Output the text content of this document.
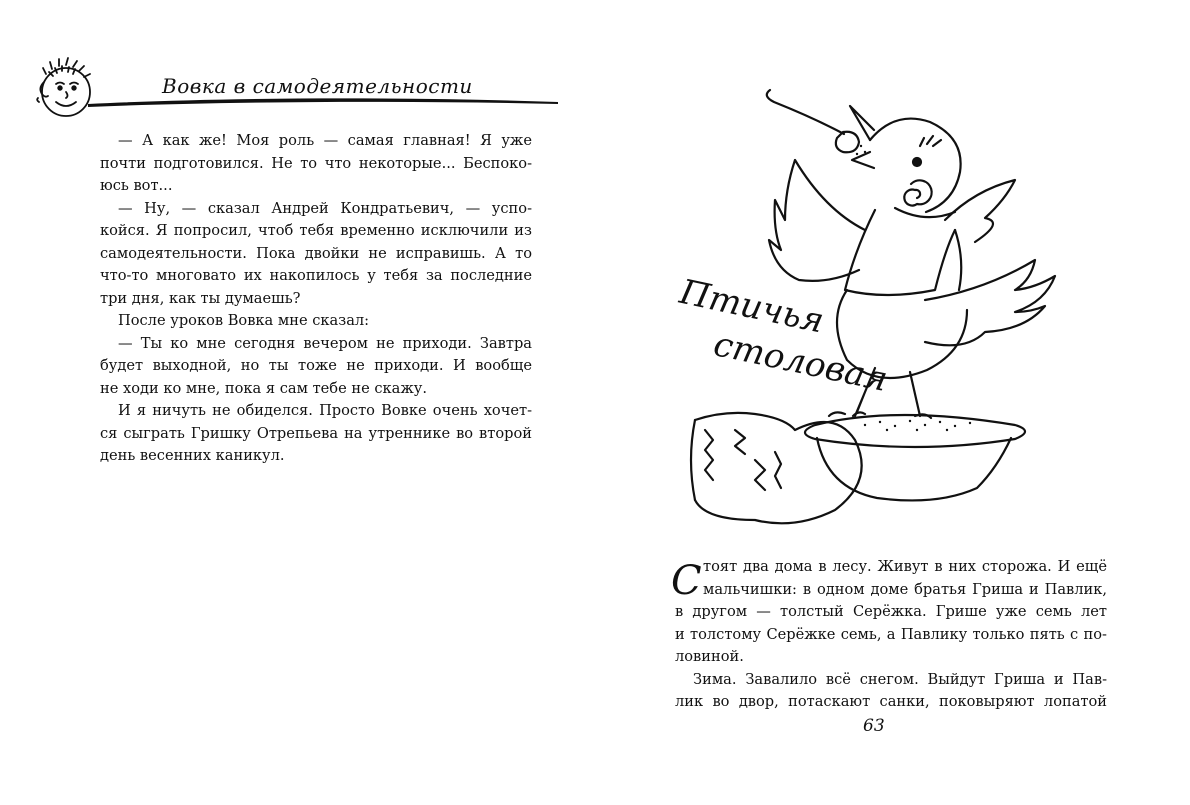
Вовка в самодеятельности
— А как же! Моя роль — самая главная! Я уже
почти подготовился. Не то что некоторые... Беспоко-
юсь вот...
— Ну, — сказал Андрей Кондратьевич, — успо-
койся. Я попросил, чтоб тебя временно исключили из
самодеятельности. Пока двойки не исправишь. А то
что-то многовато их накопилось у тебя за последние
три дня, как ты думаешь?
После уроков Вовка мне сказал:
— Ты ко мне сегодня вечером не приходи. Завтра
будет выходной, но ты тоже не приходи. И вообще
не ходи ко мне, пока я сам тебе не скажу.
И я ничуть не обиделся. Просто Вовке очень хочет-
ся сыграть Гришку Отрепьева на утреннике во второй
день весенних каникул.
Птичья
столовая
С тоят два дома в лесу. Живут в них сторожа. И ещё
мальчишки: в одном доме братья Гриша и Павлик,
в другом — толстый Серёжка. Грише уже семь лет
и толстому Серёжке семь, а Павлику только пять с по-
ловиной.
Зима. Завалило всё снегом. Выйдут Гриша и Пав-
лик во двор, потаскают санки, поковыряют лопатой
63
